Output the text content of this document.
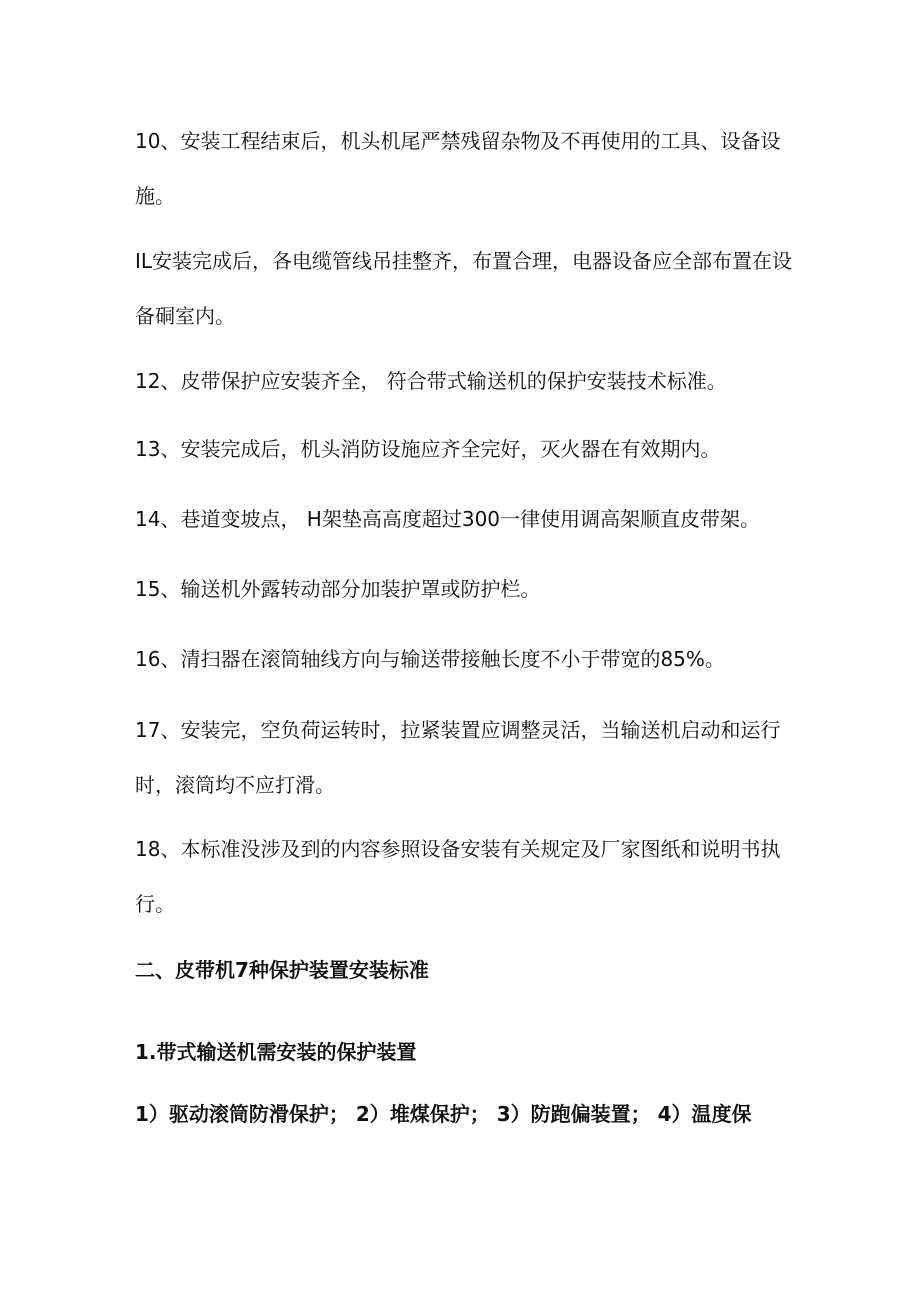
10、安装工程结束后，机头机尾严禁残留杂物及不再使用的工具、设备设施。

IL安装完成后，各电缆管线吊挂整齐，布置合理，电器设备应全部布置在设备硐室内。

12、皮带保护应安装齐全， 符合带式输送机的保护安装技术标准。

13、安装完成后，机头消防设施应齐全完好，灭火器在有效期内。

14、巷道变坡点， H架垫高高度超过300一律使用调高架顺直皮带架。

15、输送机外露转动部分加装护罩或防护栏。

16、清扫器在滚筒轴线方向与输送带接触长度不小于带宽的85%。

17、安装完，空负荷运转时，拉紧装置应调整灵活，当输送机启动和运行时，滚筒均不应打滑。

18、本标准没涉及到的内容参照设备安装有关规定及厂家图纸和说明书执行。

二、皮带机7种保护装置安装标准

1.带式输送机需安装的保护装置

1）驱动滚筒防滑保护； 2）堆煤保护； 3）防跑偏装置； 4）温度保
